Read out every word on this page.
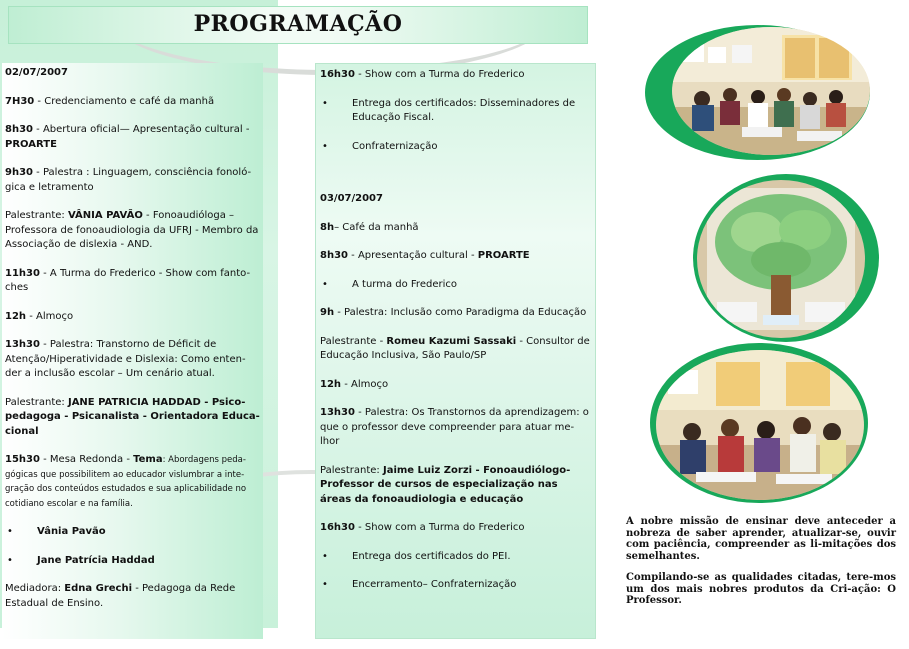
PROGRAMAÇÃO

02/07/2007

7H30 - Credenciamento e café da manhã

8h30 - Abertura oficial— Apresentação cultural - PROARTE

9h30 - Palestra : Linguagem, consciência fonoló-gica e letramento

Palestrante: VÂNIA PAVÃO - Fonoaudióloga – Professora de fonoaudiologia da UFRJ - Membro da Associação de dislexia - AND.

11h30 - A Turma do Frederico - Show com fanto-ches

12h - Almoço

13h30 - Palestra: Transtorno de Déficit de Atenção/Hiperatividade e Dislexia: Como enten-der a inclusão escolar – Um cenário atual.

Palestrante: JANE PATRICIA HADDAD - Psico-pedagoga - Psicanalista - Orientadora Educa-cional

15h30 - Mesa Redonda - Tema: Abordagens peda-gógicas que possibilitem ao educador vislumbrar a inte-gração dos conteúdos estudados e sua aplicabilidade no cotidiano escolar e na família.

• Vânia Pavão

• Jane Patrícia Haddad

Mediadora: Edna Grechi - Pedagoga da Rede Estadual de Ensino.

16h30 - Show com a Turma do Frederico

• Entrega dos certificados: Disseminadores de Educação Fiscal.

• Confraternização

03/07/2007

8h– Café da manhã

8h30 - Apresentação cultural - PROARTE

• A turma do Frederico

9h - Palestra: Inclusão como Paradigma da Educação

Palestrante - Romeu Kazumi Sassaki - Consultor de Educação Inclusiva, São Paulo/SP

12h - Almoço

13h30 - Palestra: Os Transtornos da aprendizagem: o que o professor deve compreender para atuar me-lhor

Palestrante: Jaime Luiz Zorzi - Fonoaudiólogo-Professor de cursos de especialização nas áreas da fonoaudiologia e educação

16h30 - Show com a Turma do Frederico

• Entrega dos certificados do PEI.

• Encerramento– Confraternização

A nobre missão de ensinar deve anteceder a nobreza de saber aprender, atualizar-se, ouvir com paciência, compreender as li-mitações dos semelhantes.

Compilando-se as qualidades citadas, tere-mos um dos mais nobres produtos da Cri-ação: O Professor.
